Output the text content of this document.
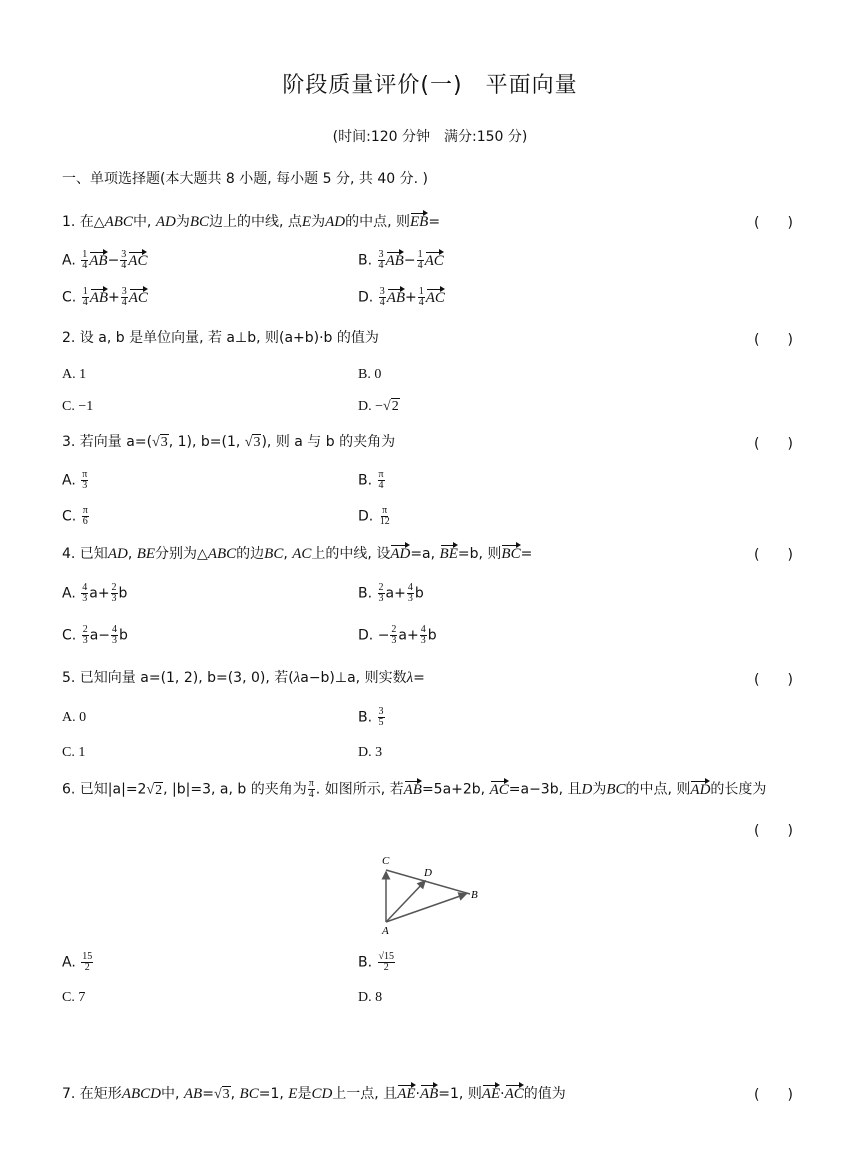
阶段质量评价(一)　平面向量
(时间:120 分钟　满分:150 分)
一、单项选择题(本大题共 8 小题, 每小题 5 分, 共 40 分. )
1. 在△ABC中, AD为BC边上的中线, 点E为AD的中点, 则EB=	(　　)
A. $\frac{1}{4} AB- \frac{3}{4}$ AC	B. $\frac{3}{4} AB- \frac{1}{4}$ AC
C. $\frac{1}{4} AB+ \frac{3}{4}$ AC	D. $\frac{3}{4} AB+ \frac{1}{4}$ AC
2. 设 a, b 是单位向量, 若 a⊥b, 则(a+b)·b 的值为	(　　)
A. 1	B. 0
C. −1	D. −√2
3. 若向量 a=(√3, 1), b=(1, √3), 则 a 与 b 的夹角为	(　　)
A. $\frac{\pi}{3}$	B. $\frac{\pi}{4}$
C. $\frac{\pi}{6}$	D. $\frac{\pi}{12}$
4. 已知AD, BE分别为△ABC的边BC, AC上的中线, 设AD=a, BE=b, 则BC=	(　　)
A. $\frac{4}{3} a+ \frac{2}{3}$ b	B. $\frac{2}{3} a+ \frac{4}{3}$ b
C. $\frac{2}{3} a- \frac{4}{3}$ b	D. − $\frac{2}{3} a+ \frac{4}{3}$ b
5. 已知向量 a=(1, 2), b=(3, 0), 若(λa−b)⊥a, 则实数λ=	(　　)
A. 0	B. $\frac{3}{5}$
C. 1	D. 3
6. 已知|a|=2√2, |b|=3, a, b 的夹角为 $\frac{\pi}{4}$ . 如图所示, 若AB=5a+2b, AC=a−3b, 且D为BC的中点, 则AD的长度为
(　　)
C
D
B
A
A. $\frac{15}{2}$	B. $\frac{√15}{2}$
C. 7	D. 8
7. 在矩形ABCD中, AB=√3, BC=1, E是CD上一点, 且AE·AB=1, 则AE·AC的值为	(　　)
